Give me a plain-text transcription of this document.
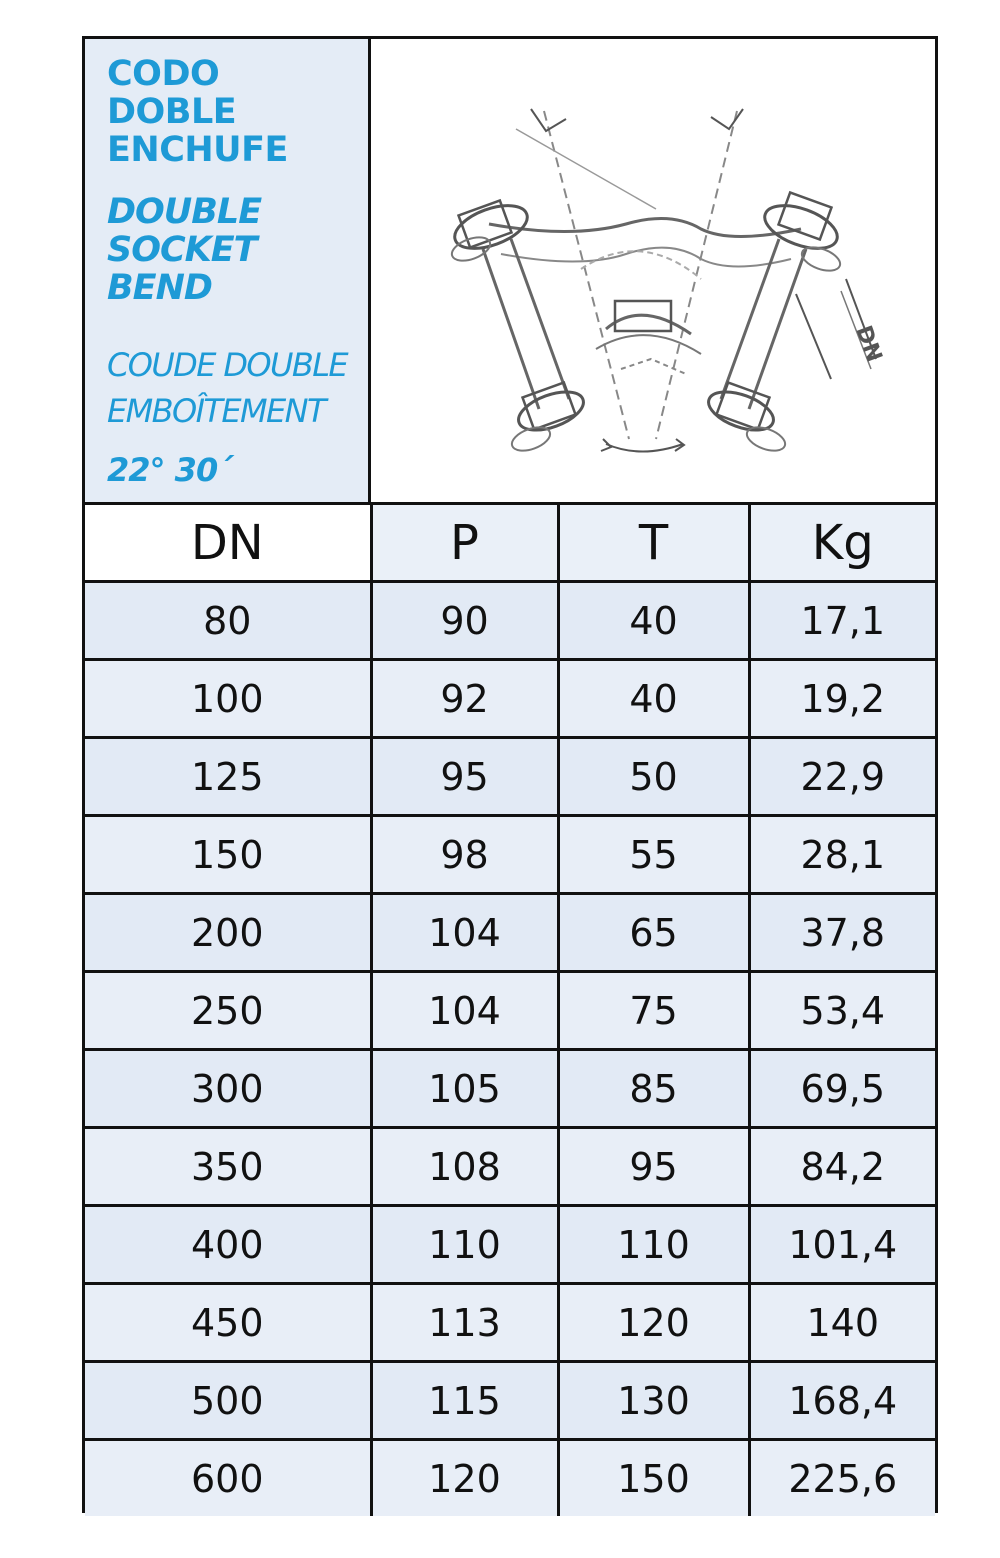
CODO
DOBLE
ENCHUFE
DOUBLE
SOCKET
BEND
COUDE DOUBLE
EMBOÎTEMENT
22° 30´
DN
DN	P	T	Kg
80	90	40	17,1
100	92	40	19,2
125	95	50	22,9
150	98	55	28,1
200	104	65	37,8
250	104	75	53,4
300	105	85	69,5
350	108	95	84,2
400	110	110	101,4
450	113	120	140
500	115	130	168,4
600	120	150	225,6
